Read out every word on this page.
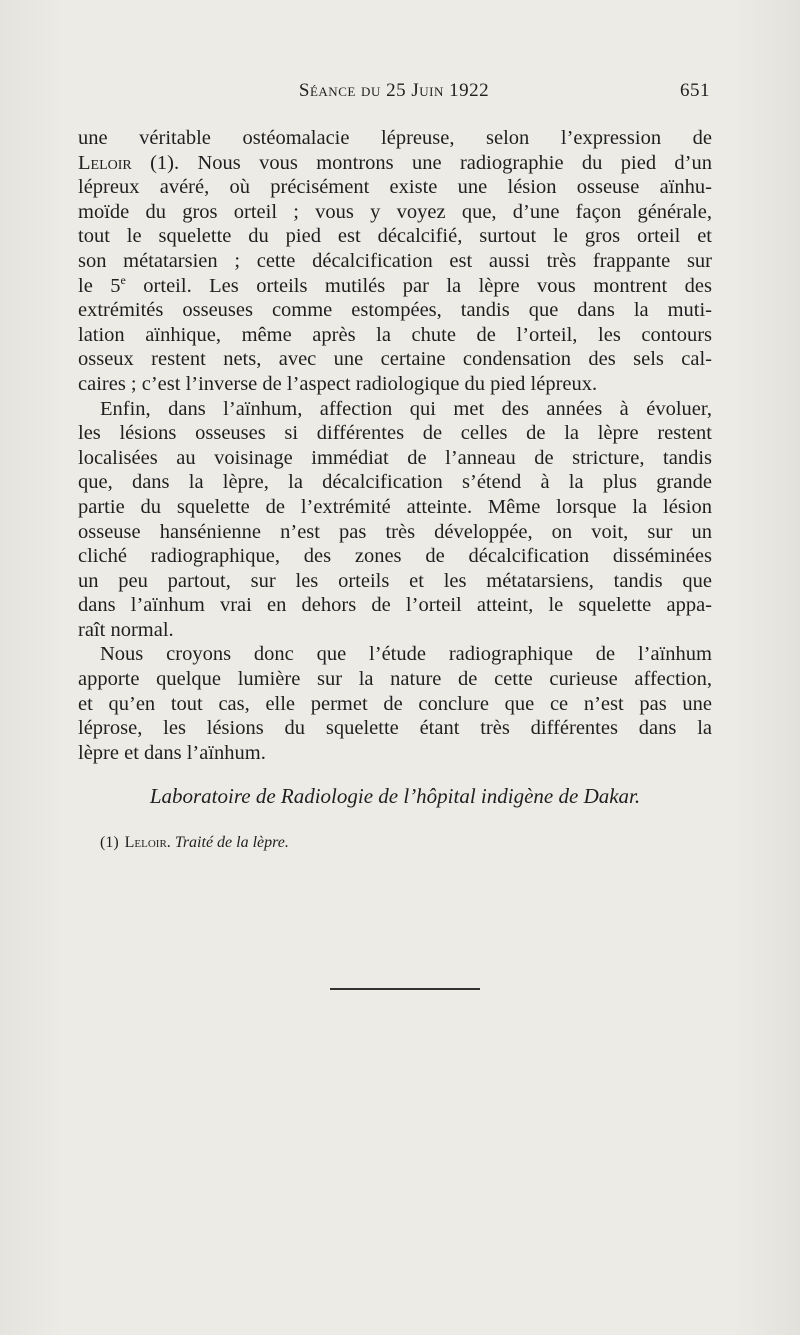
Séance du 25 Juin 1922	651
une véritable ostéomalacie lépreuse, selon l’expression de
Leloir (1). Nous vous montrons une radiographie du pied d’un
lépreux avéré, où précisément existe une lésion osseuse aïnhu-
moïde du gros orteil ; vous y voyez que, d’une façon générale,
tout le squelette du pied est décalcifié, surtout le gros orteil et
son métatarsien ; cette décalcification est aussi très frappante sur
le 5e orteil. Les orteils mutilés par la lèpre vous montrent des
extrémités osseuses comme estompées, tandis que dans la muti-
lation aïnhique, même après la chute de l’orteil, les contours
osseux restent nets, avec une certaine condensation des sels cal-
caires ; c’est l’inverse de l’aspect radiologique du pied lépreux.
Enfin, dans l’aïnhum, affection qui met des années à évoluer,
les lésions osseuses si différentes de celles de la lèpre restent
localisées au voisinage immédiat de l’anneau de stricture, tandis
que, dans la lèpre, la décalcification s’étend à la plus grande
partie du squelette de l’extrémité atteinte. Même lorsque la lésion
osseuse hansénienne n’est pas très développée, on voit, sur un
cliché radiographique, des zones de décalcification disséminées
un peu partout, sur les orteils et les métatarsiens, tandis que
dans l’aïnhum vrai en dehors de l’orteil atteint, le squelette appa-
raît normal.
Nous croyons donc que l’étude radiographique de l’aïnhum
apporte quelque lumière sur la nature de cette curieuse affection,
et qu’en tout cas, elle permet de conclure que ce n’est pas une
léprose, les lésions du squelette étant très différentes dans la
lèpre et dans l’aïnhum.
Laboratoire de Radiologie de l’hôpital indigène de Dakar.
(1) Leloir. Traité de la lèpre.
